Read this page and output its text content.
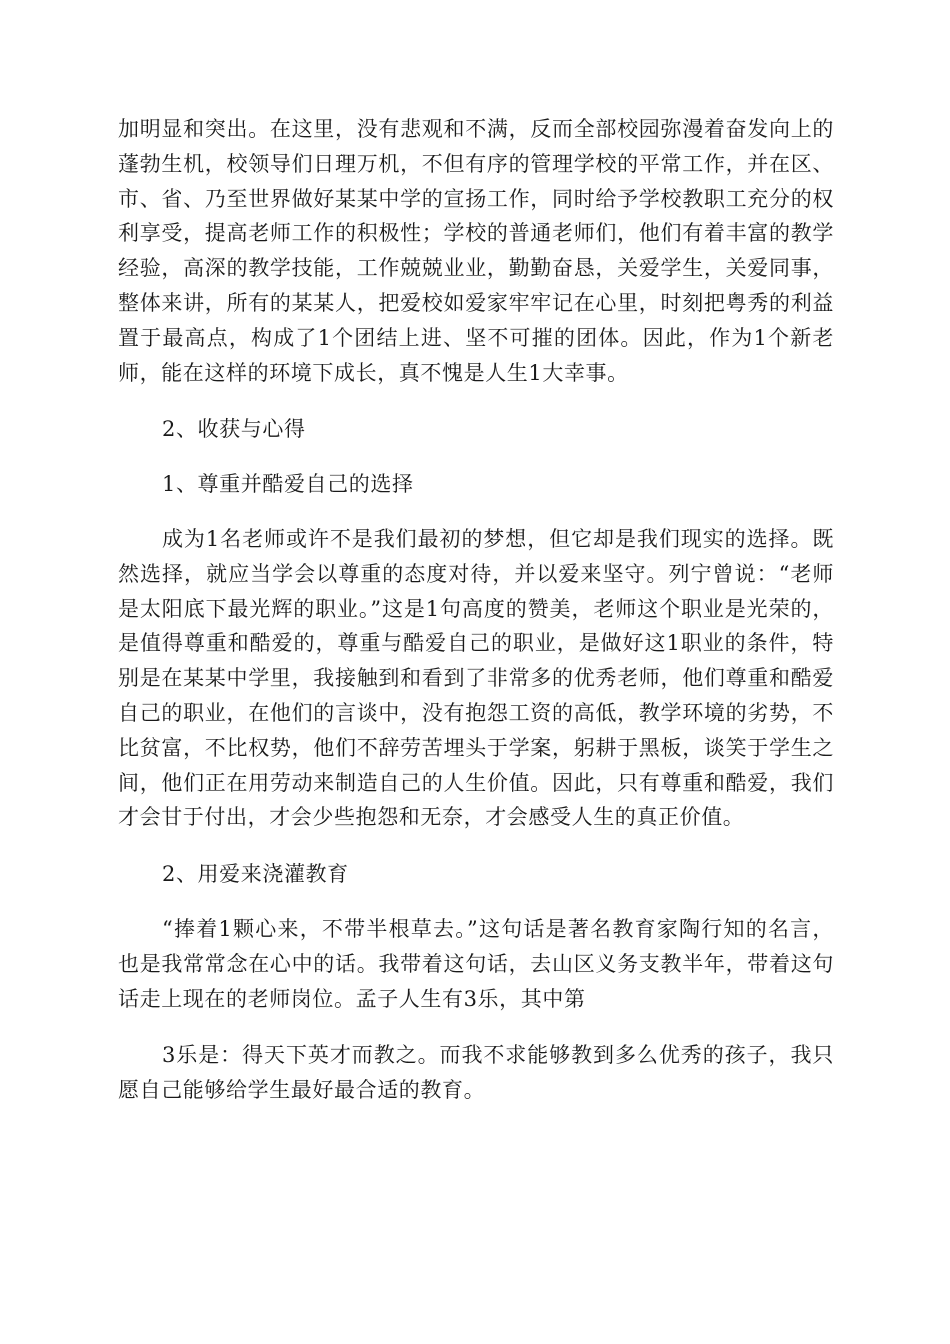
加明显和突出。在这里，没有悲观和不满，反而全部校园弥漫着奋发向上的蓬勃生机，校领导们日理万机，不但有序的管理学校的平常工作，并在区、市、省、乃至世界做好某某中学的宣扬工作，同时给予学校教职工充分的权利享受，提高老师工作的积极性；学校的普通老师们，他们有着丰富的教学经验，高深的教学技能，工作兢兢业业，勤勤奋恳，关爱学生，关爱同事，整体来讲，所有的某某人，把爱校如爱家牢牢记在心里，时刻把粤秀的利益置于最高点，构成了1个团结上进、坚不可摧的团体。因此，作为1个新老师，能在这样的环境下成长，真不愧是人生1大幸事。

2、收获与心得

1、尊重并酷爱自己的选择

成为1名老师或许不是我们最初的梦想，但它却是我们现实的选择。既然选择，就应当学会以尊重的态度对待，并以爱来坚守。列宁曾说：“老师是太阳底下最光辉的职业。”这是1句高度的赞美，老师这个职业是光荣的，是值得尊重和酷爱的，尊重与酷爱自己的职业，是做好这1职业的条件，特别是在某某中学里，我接触到和看到了非常多的优秀老师，他们尊重和酷爱自己的职业，在他们的言谈中，没有抱怨工资的高低，教学环境的劣势，不比贫富，不比权势，他们不辞劳苦埋头于学案，躬耕于黑板，谈笑于学生之间，他们正在用劳动来制造自己的人生价值。因此，只有尊重和酷爱，我们才会甘于付出，才会少些抱怨和无奈，才会感受人生的真正价值。

2、用爱来浇灌教育

“捧着1颗心来，不带半根草去。”这句话是著名教育家陶行知的名言，也是我常常念在心中的话。我带着这句话，去山区义务支教半年，带着这句话走上现在的老师岗位。孟子人生有3乐，其中第

3乐是：得天下英才而教之。而我不求能够教到多么优秀的孩子，我只愿自己能够给学生最好最合适的教育。
